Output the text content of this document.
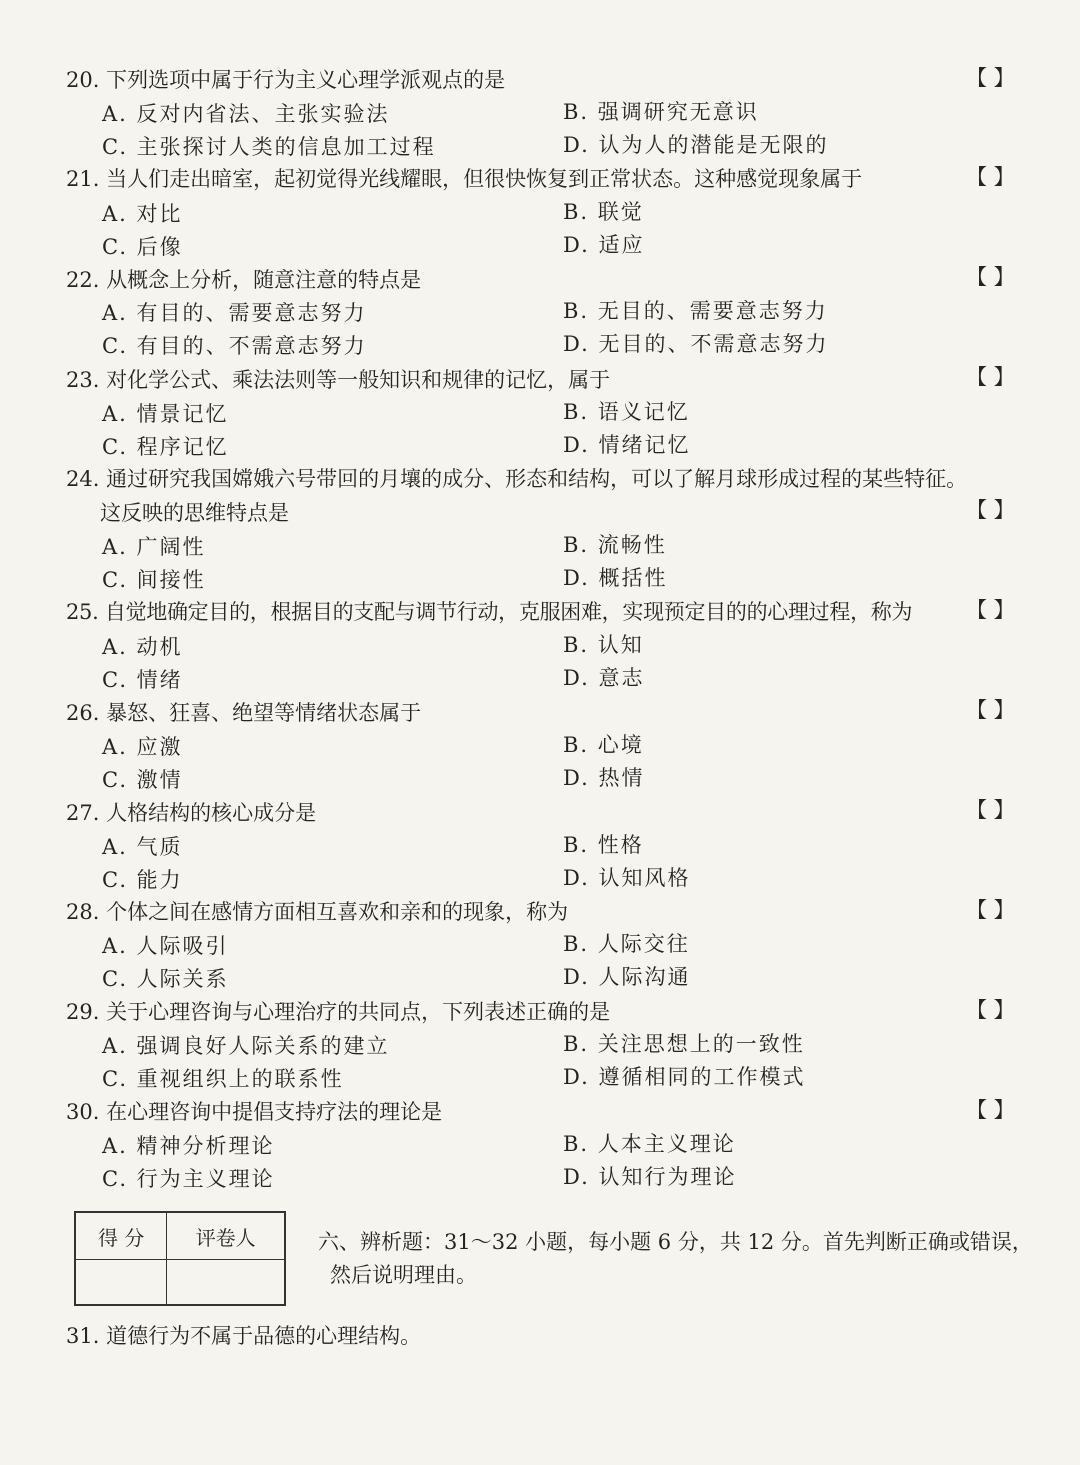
20. 下列选项中属于行为主义心理学派观点的是	【 】
A. 反对内省法、主张实验法	B. 强调研究无意识
C. 主张探讨人类的信息加工过程	D. 认为人的潜能是无限的
21. 当人们走出暗室，起初觉得光线耀眼，但很快恢复到正常状态。这种感觉现象属于	【 】
A. 对比	B. 联觉
C. 后像	D. 适应
22. 从概念上分析，随意注意的特点是	【 】
A. 有目的、需要意志努力	B. 无目的、需要意志努力
C. 有目的、不需意志努力	D. 无目的、不需意志努力
23. 对化学公式、乘法法则等一般知识和规律的记忆，属于	【 】
A. 情景记忆	B. 语义记忆
C. 程序记忆	D. 情绪记忆
24. 通过研究我国嫦娥六号带回的月壤的成分、形态和结构，可以了解月球形成过程的某些特征。
这反映的思维特点是	【 】
A. 广阔性	B. 流畅性
C. 间接性	D. 概括性
25. 自觉地确定目的，根据目的支配与调节行动，克服困难，实现预定目的的心理过程，称为	【 】
A. 动机	B. 认知
C. 情绪	D. 意志
26. 暴怒、狂喜、绝望等情绪状态属于	【 】
A. 应激	B. 心境
C. 激情	D. 热情
27. 人格结构的核心成分是	【 】
A. 气质	B. 性格
C. 能力	D. 认知风格
28. 个体之间在感情方面相互喜欢和亲和的现象，称为	【 】
A. 人际吸引	B. 人际交往
C. 人际关系	D. 人际沟通
29. 关于心理咨询与心理治疗的共同点，下列表述正确的是	【 】
A. 强调良好人际关系的建立	B. 关注思想上的一致性
C. 重视组织上的联系性	D. 遵循相同的工作模式
30. 在心理咨询中提倡支持疗法的理论是	【 】
A. 精神分析理论	B. 人本主义理论
C. 行为主义理论	D. 认知行为理论
得 分	评卷人
		六、辨析题：31～32 小题，每小题 6 分，共 12 分。首先判断正确或错误，
然后说明理由。
31. 道德行为不属于品德的心理结构。
